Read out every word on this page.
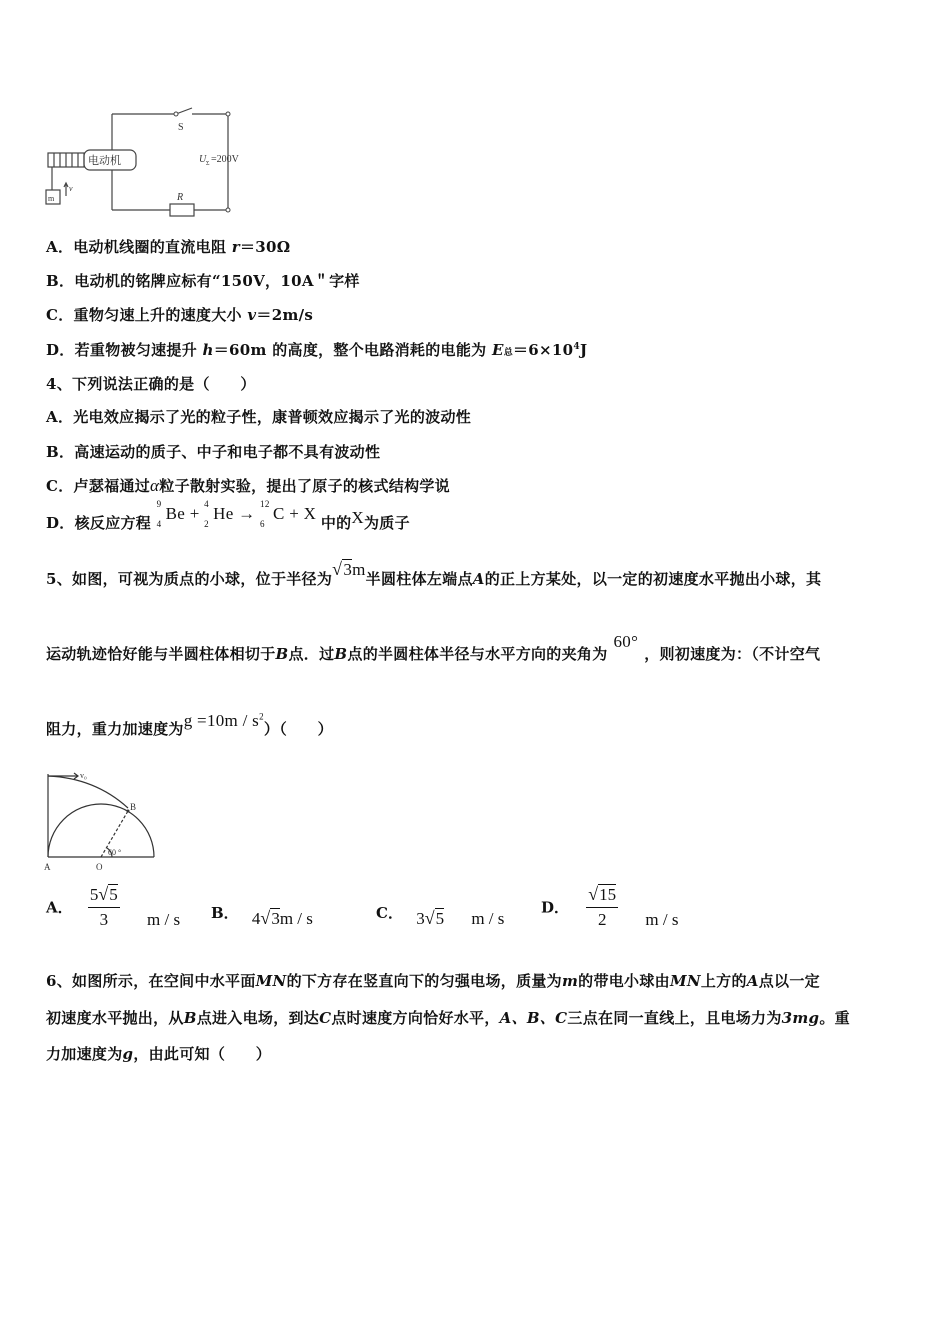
电动机
S
U Σ =200V
R
m
v
A．电动机线圈的直流电阻 r＝30Ω
B．电动机的铭牌应标有“150V，10A＂字样
C．重物匀速上升的速度大小 v＝2m/s
D．若重物被匀速提升 h＝60m 的高度，整个电路消耗的电能为 E总$=6\times 10^4J$
4、下列说法正确的是（　　）
A．光电效应揭示了光的粒子性，康普顿效应揭示了光的波动性
B．高速运动的质子、中子和电子都不具有波动性
C．卢瑟福通过α粒子散射实验，提出了原子的核式结构学说
D．核反应方程
9
4
Be + 4
2
He → 12
6
C + X 中的X为质子
5、如图，可视为质点的小球，位于半径为√3m半圆柱体左端点A的正上方某处，以一定的初速度水平抛出小球，其
运动轨迹恰好能与半圆柱体相切于B点．过B点的半圆柱体半径与水平方向的夹角为60°，则初速度为：（不计空气
阻力，重力加速度为$g =10m / s^2$）（　　）
v₀
B
A	O
60 °
A． $\frac{5√5}{3}$ m / s B． 4√3m / s	C． 3√5 m / s
D． $\frac{√15}{2}$ m / s
6、如图所示，在空间中水平面MN的下方存在竖直向下的匀强电场，质量为m的带电小球由MN上方的A点以一定
初速度水平抛出，从B点进入电场，到达C点时速度方向恰好水平，A、B、C三点在同一直线上，且电场力为3mg。重
力加速度为g，由此可知（　　）
